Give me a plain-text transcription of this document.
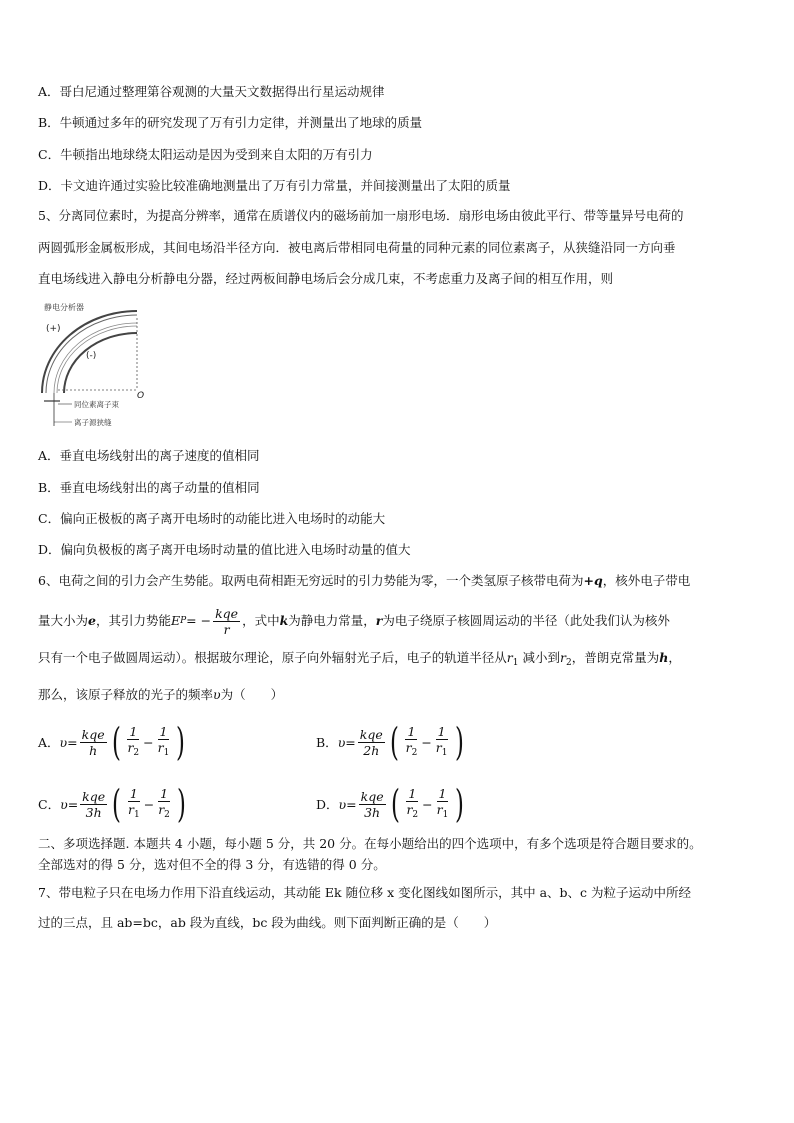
A．哥白尼通过整理第谷观测的大量天文数据得出行星运动规律
B．牛顿通过多年的研究发现了万有引力定律，并测量出了地球的质量
C．牛顿指出地球绕太阳运动是因为受到来自太阳的万有引力
D．卡文迪许通过实验比较准确地测量出了万有引力常量，并间接测量出了太阳的质量
5、分离同位素时，为提高分辨率，通常在质谱仪内的磁场前加一扇形电场．扇形电场由彼此平行、带等量异号电荷的
两圆弧形金属板形成，其间电场沿半径方向．被电离后带相同电荷量的同种元素的同位素离子，从狭缝沿同一方向垂
直电场线进入静电分析静电分器，经过两板间静电场后会分成几束，不考虑重力及离子间的相互作用，则
静电分析器
(+)
(-)
O
同位素离子束
离子源狭缝
A．垂直电场线射出的离子速度的值相同
B．垂直电场线射出的离子动量的值相同
C．偏向正极板的离子离开电场时的动能比进入电场时的动能大
D．偏向负极板的离子离开电场时动量的值比进入电场时动量的值大
6、电荷之间的引力会产生势能。取两电荷相距无穷远时的引力势能为零，一个类氢原子核带电荷为+q，核外电子带电
量大小为 e ，其引力势能 E P = − $\frac{\text{kqe}}{r}$ ，式中 k 为静电力常量， r 为电子绕原子核圆周运动的半径（此处我们认为核外
只有一个电子做圆周运动）。根据玻尔理论，原子向外辐射光子后，电子的轨道半径从$r_1$ 减小到$r_2$，普朗克常量为h，
那么，该原子释放的光子的频率υ为（　　）
A． $\upsilon = \frac{\text{kqe}}{h}$ ( $\frac{1}{r_2} - \frac{1}{r_1}$ )	B． $\upsilon = \frac{\text{kqe}}{2h}$ ( $\frac{1}{r_2} - \frac{1}{r_1}$ )
C． $\upsilon = \frac{\text{kqe}}{3h}$ ( $\frac{1}{r_1} - \frac{1}{r_2}$ )	D． $\upsilon = \frac{\text{kqe}}{3h}$ ( $\frac{1}{r_2} - \frac{1}{r_1}$ )
二、多项选择题. 本题共 4 小题，每小题 5 分，共 20 分。在每小题给出的四个选项中，有多个选项是符合题目要求的。
全部选对的得 5 分，选对但不全的得 3 分，有选错的得 0 分。
7、带电粒子只在电场力作用下沿直线运动，其动能 Ek 随位移 x 变化图线如图所示，其中 a、b、c 为粒子运动中所经
过的三点，且 ab=bc，ab 段为直线，bc 段为曲线。则下面判断正确的是（　　）
